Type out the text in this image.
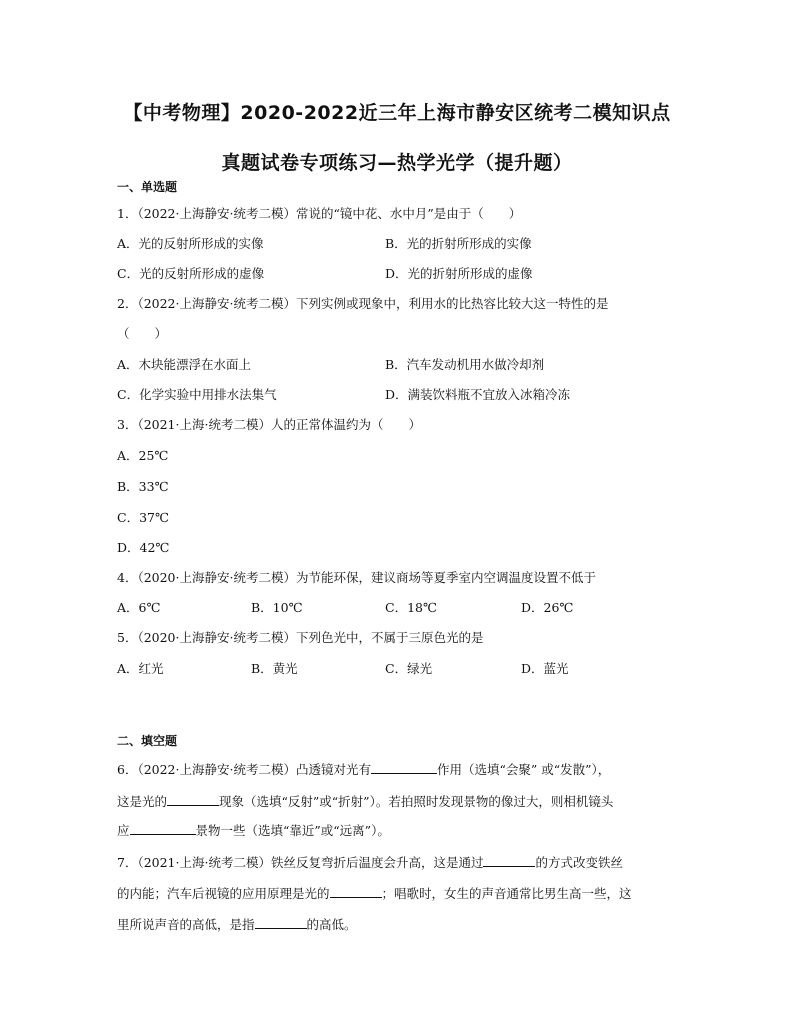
【中考物理】2020-2022近三年上海市静安区统考二模知识点
真题试卷专项练习—热学光学（提升题）
一、单选题
1．（2022·上海静安·统考二模）常说的“镜中花、水中月”是由于（　　）
A．光的反射所形成的实像	B．光的折射所形成的实像
C．光的反射所形成的虚像	D．光的折射所形成的虚像
2．（2022·上海静安·统考二模）下列实例或现象中，利用水的比热容比较大这一特性的是
（　　）
A．木块能漂浮在水面上	B．汽车发动机用水做冷却剂
C．化学实验中用排水法集气	D．满装饮料瓶不宜放入冰箱冷冻
3．（2021·上海·统考二模）人的正常体温约为（　　）
A．25℃
B．33℃
C．37℃
D．42℃
4．（2020·上海静安·统考二模）为节能环保，建议商场等夏季室内空调温度设置不低于
A．6℃	B．10℃	C．18℃	D．26℃
5．（2020·上海静安·统考二模）下列色光中，不属于三原色光的是
A．红光	B．黄光	C．绿光	D．蓝光
二、填空题
6．（2022·上海静安·统考二模）凸透镜对光有	作用（选填“会聚” 或“发散”），
这是光的	现象（选填“反射”或“折射”）。若拍照时发现景物的像过大，则相机镜头
应	景物一些（选填“靠近”或“远离”）。
7．（2021·上海·统考二模）铁丝反复弯折后温度会升高，这是通过	的方式改变铁丝
的内能；汽车后视镜的应用原理是光的	；唱歌时，女生的声音通常比男生高一些，这
里所说声音的高低，是指	的高低。
